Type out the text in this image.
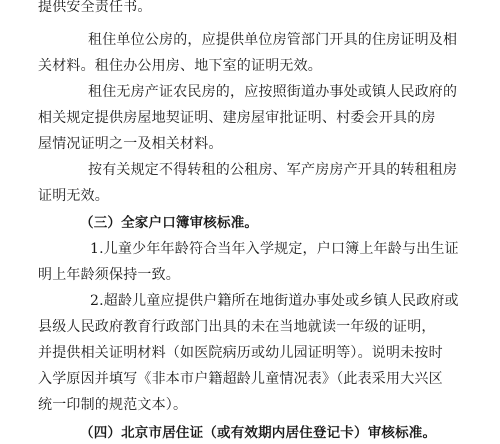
提供安全责任书。
租住单位公房的，应提供单位房管部门开具的住房证明及相
关材料。租住办公用房、地下室的证明无效。
租住无房产证农民房的，应按照街道办事处或镇人民政府的
相关规定提供房屋地契证明、建房屋审批证明、村委会开具的房
屋情况证明之一及相关材料。
按有关规定不得转租的公租房、军产房房产开具的转租租房
证明无效。
（三）全家户口簿审核标准。
1.儿童少年年龄符合当年入学规定，户口簿上年龄与出生证
明上年龄须保持一致。
2.超龄儿童应提供户籍所在地街道办事处或乡镇人民政府或
县级人民政府教育行政部门出具的未在当地就读一年级的证明，
并提供相关证明材料（如医院病历或幼儿园证明等）。说明未按时
入学原因并填写《非本市户籍超龄儿童情况表》（此表采用大兴区
统一印制的规范文本）。
（四）北京市居住证（或有效期内居住登记卡）审核标准。
